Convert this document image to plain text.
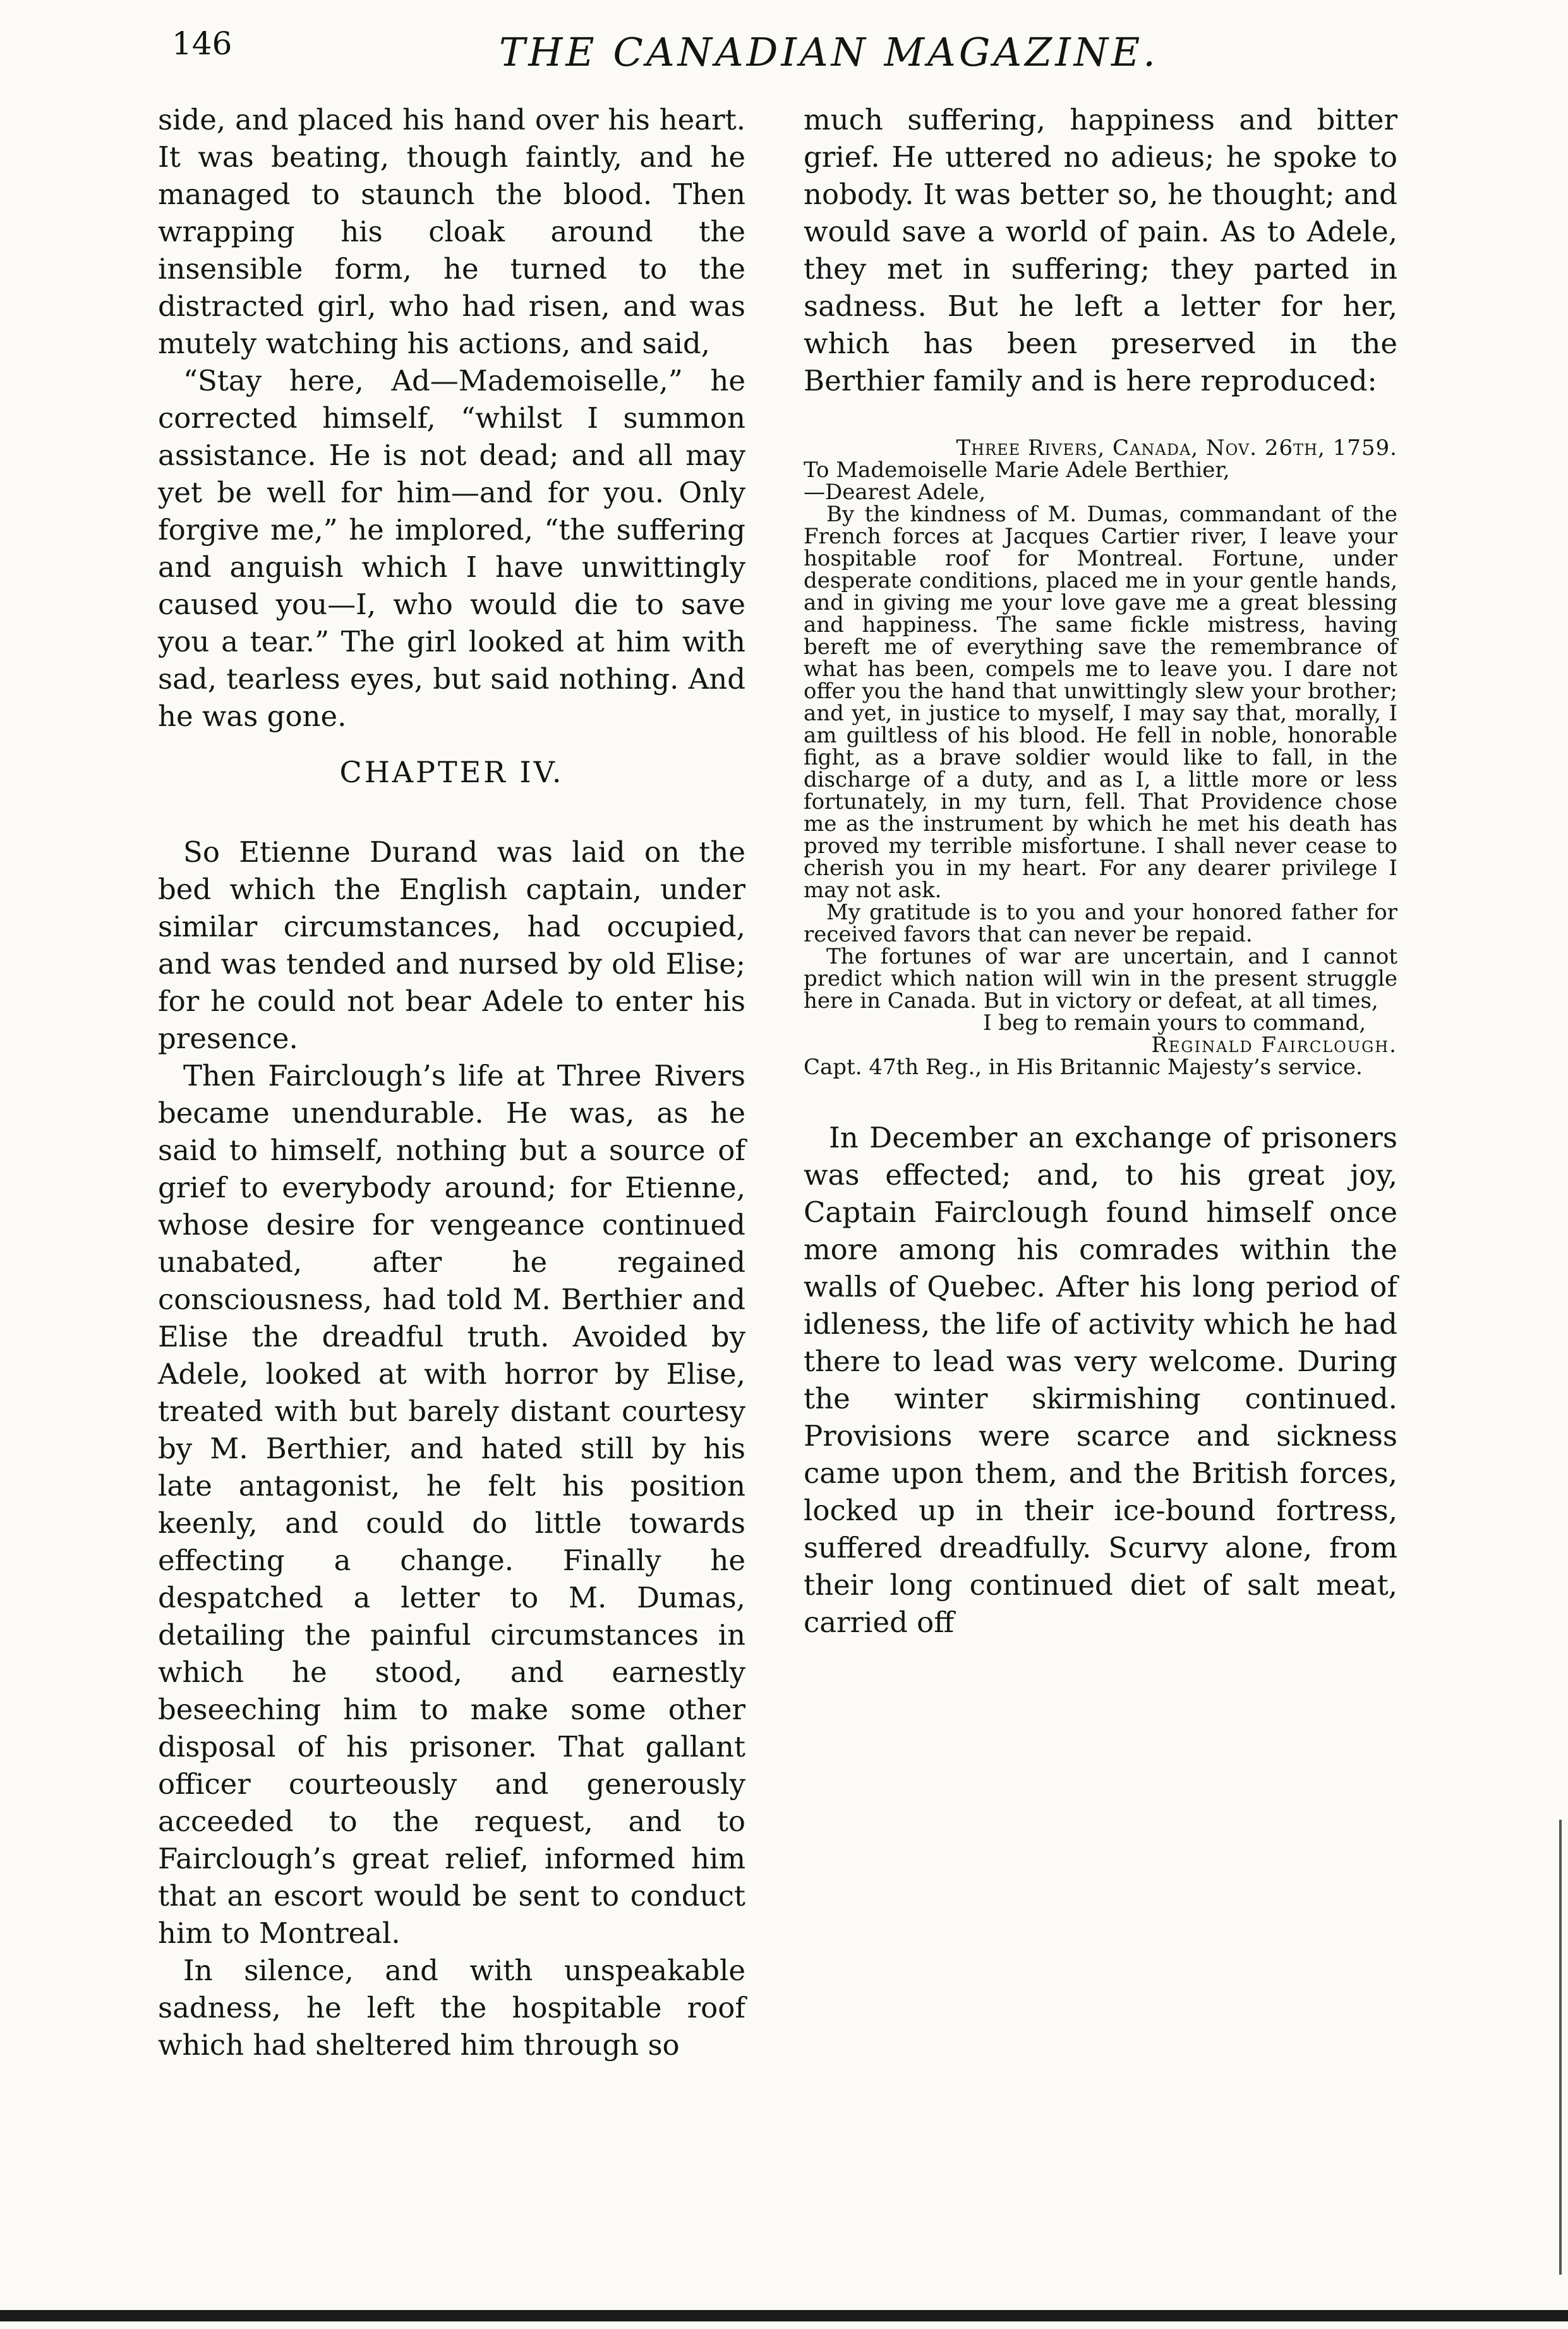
146	THE CANADIAN MAGAZINE.

side, and placed his hand over his heart. It was beating, though faintly, and he managed to staunch the blood. Then wrapping his cloak around the insensible form, he turned to the distracted girl, who had risen, and was mutely watching his actions, and said,

“Stay here, Ad—Mademoiselle,” he corrected himself, “whilst I summon assistance. He is not dead; and all may yet be well for him—and for you. Only forgive me,” he implored, “the suffering and anguish which I have unwittingly caused you—I, who would die to save you a tear.” The girl looked at him with sad, tearless eyes, but said nothing. And he was gone.

CHAPTER IV.

So Etienne Durand was laid on the bed which the English captain, under similar circumstances, had occupied, and was tended and nursed by old Elise; for he could not bear Adele to enter his presence.

Then Fairclough’s life at Three Rivers became unendurable. He was, as he said to himself, nothing but a source of grief to everybody around; for Etienne, whose desire for vengeance continued unabated, after he regained consciousness, had told M. Berthier and Elise the dreadful truth. Avoided by Adele, looked at with horror by Elise, treated with but barely distant courtesy by M. Berthier, and hated still by his late antagonist, he felt his position keenly, and could do little towards effecting a change. Finally he despatched a letter to M. Dumas, detailing the painful circumstances in which he stood, and earnestly beseeching him to make some other disposal of his prisoner. That gallant officer courteously and generously acceeded to the request, and to Fairclough’s great relief, informed him that an escort would be sent to conduct him to Montreal.

In silence, and with unspeakable sadness, he left the hospitable roof which had sheltered him through so

much suffering, happiness and bitter grief. He uttered no adieus; he spoke to nobody. It was better so, he thought; and would save a world of pain. As to Adele, they met in suffering; they parted in sadness. But he left a letter for her, which has been preserved in the Berthier family and is here reproduced:

Three Rivers, Canada, Nov. 26th, 1759.

To Mademoiselle Marie Adele Berthier,

—Dearest Adele,

By the kindness of M. Dumas, commandant of the French forces at Jacques Cartier river, I leave your hospitable roof for Montreal. Fortune, under desperate conditions, placed me in your gentle hands, and in giving me your love gave me a great blessing and happiness. The same fickle mistress, having bereft me of everything save the remembrance of what has been, compels me to leave you. I dare not offer you the hand that unwittingly slew your brother; and yet, in justice to myself, I may say that, morally, I am guiltless of his blood. He fell in noble, honorable fight, as a brave soldier would like to fall, in the discharge of a duty, and as I, a little more or less fortunately, in my turn, fell. That Providence chose me as the instrument by which he met his death has proved my terrible misfortune. I shall never cease to cherish you in my heart. For any dearer privilege I may not ask.

My gratitude is to you and your honored father for received favors that can never be repaid.

The fortunes of war are uncertain, and I cannot predict which nation will win in the present struggle here in Canada. But in victory or defeat, at all times,

I beg to remain yours to command,

Reginald Fairclough.

Capt. 47th Reg., in His Britannic Majesty’s service.

In December an exchange of prisoners was effected; and, to his great joy, Captain Fairclough found himself once more among his comrades within the walls of Quebec. After his long period of idleness, the life of activity which he had there to lead was very welcome. During the winter skirmishing continued. Provisions were scarce and sickness came upon them, and the British forces, locked up in their ice-bound fortress, suffered dreadfully. Scurvy alone, from their long continued diet of salt meat, carried off
